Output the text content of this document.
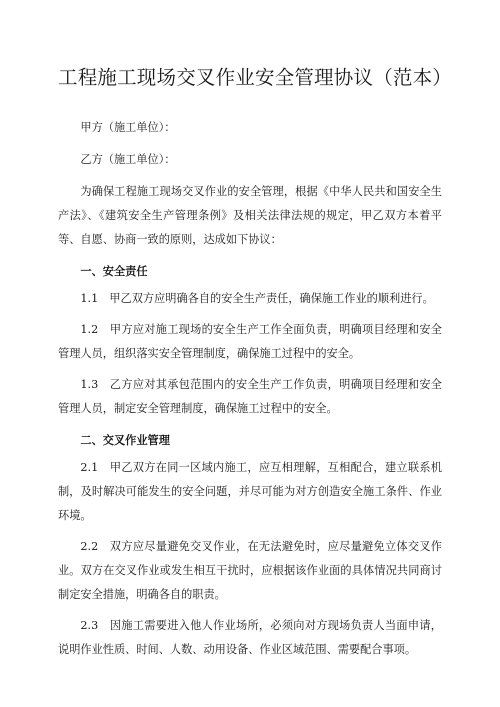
工程施工现场交叉作业安全管理协议（范本）

甲方（施工单位）：

乙方（施工单位）：

为确保工程施工现场交叉作业的安全管理，根据《中华人民共和国安全生产法》、《建筑安全生产管理条例》及相关法律法规的规定，甲乙双方本着平等、自愿、协商一致的原则，达成如下协议：

一、安全责任

1.1　甲乙双方应明确各自的安全生产责任，确保施工作业的顺利进行。

1.2　甲方应对施工现场的安全生产工作全面负责，明确项目经理和安全管理人员，组织落实安全管理制度，确保施工过程中的安全。

1.3　乙方应对其承包范围内的安全生产工作负责，明确项目经理和安全管理人员，制定安全管理制度，确保施工过程中的安全。

二、交叉作业管理

2.1　甲乙双方在同一区域内施工，应互相理解，互相配合，建立联系机制，及时解决可能发生的安全问题，并尽可能为对方创造安全施工条件、作业环境。

2.2　双方应尽量避免交叉作业，在无法避免时，应尽量避免立体交叉作业。双方在交叉作业或发生相互干扰时，应根据该作业面的具体情况共同商讨制定安全措施，明确各自的职责。

2.3　因施工需要进入他人作业场所，必须向对方现场负责人当面申请，说明作业性质、时间、人数、动用设备、作业区域范围、需要配合事项。
